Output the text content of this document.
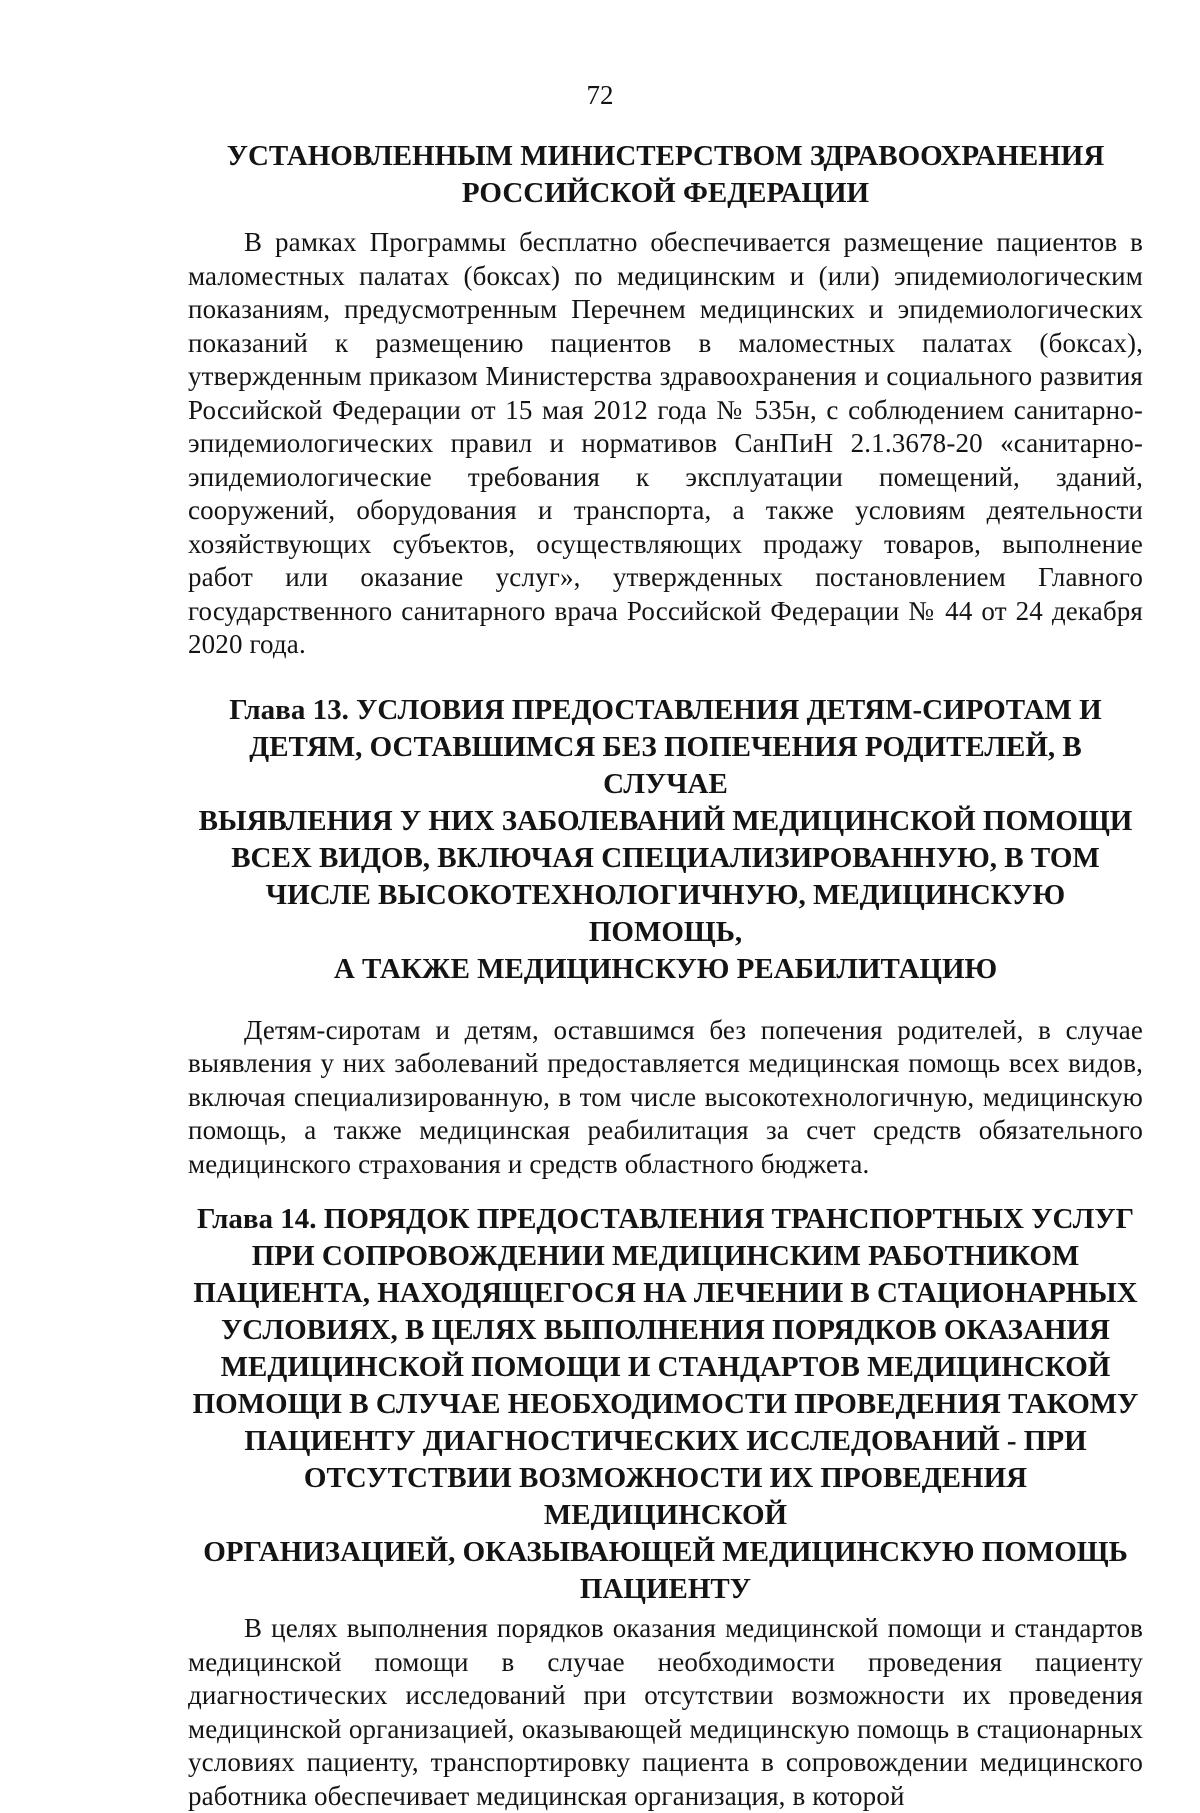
72
УСТАНОВЛЕННЫМ МИНИСТЕРСТВОМ ЗДРАВООХРАНЕНИЯ
РОССИЙСКОЙ ФЕДЕРАЦИИ

В рамках Программы бесплатно обеспечивается размещение пациентов в маломестных палатах (боксах) по медицинским и (или) эпидемиологическим показаниям, предусмотренным Перечнем медицинских и эпидемиологических показаний к размещению пациентов в маломестных палатах (боксах), утвержденным приказом Министерства здравоохранения и социального развития Российской Федерации от 15 мая 2012 года № 535н, с соблюдением санитарно-эпидемиологических правил и нормативов СанПиН 2.1.3678-20 «санитарно-эпидемиологические требования к эксплуатации помещений, зданий, сооружений, оборудования и транспорта, а также условиям деятельности хозяйствующих субъектов, осуществляющих продажу товаров, выполнение работ или оказание услуг», утвержденных постановлением Главного государственного санитарного врача Российской Федерации № 44 от 24 декабря 2020 года.

Глава 13. УСЛОВИЯ ПРЕДОСТАВЛЕНИЯ ДЕТЯМ-СИРОТАМ И
ДЕТЯМ, ОСТАВШИМСЯ БЕЗ ПОПЕЧЕНИЯ РОДИТЕЛЕЙ, В СЛУЧАЕ
ВЫЯВЛЕНИЯ У НИХ ЗАБОЛЕВАНИЙ МЕДИЦИНСКОЙ ПОМОЩИ
ВСЕХ ВИДОВ, ВКЛЮЧАЯ СПЕЦИАЛИЗИРОВАННУЮ, В ТОМ
ЧИСЛЕ ВЫСОКОТЕХНОЛОГИЧНУЮ, МЕДИЦИНСКУЮ ПОМОЩЬ,
А ТАКЖЕ МЕДИЦИНСКУЮ РЕАБИЛИТАЦИЮ

Детям-сиротам и детям, оставшимся без попечения родителей, в случае выявления у них заболеваний предоставляется медицинская помощь всех видов, включая специализированную, в том числе высокотехнологичную, медицинскую помощь, а также медицинская реабилитация за счет средств обязательного медицинского страхования и средств областного бюджета.

Глава 14. ПОРЯДОК ПРЕДОСТАВЛЕНИЯ ТРАНСПОРТНЫХ УСЛУГ
ПРИ СОПРОВОЖДЕНИИ МЕДИЦИНСКИМ РАБОТНИКОМ
ПАЦИЕНТА, НАХОДЯЩЕГОСЯ НА ЛЕЧЕНИИ В СТАЦИОНАРНЫХ
УСЛОВИЯХ, В ЦЕЛЯХ ВЫПОЛНЕНИЯ ПОРЯДКОВ ОКАЗАНИЯ
МЕДИЦИНСКОЙ ПОМОЩИ И СТАНДАРТОВ МЕДИЦИНСКОЙ
ПОМОЩИ В СЛУЧАЕ НЕОБХОДИМОСТИ ПРОВЕДЕНИЯ ТАКОМУ
ПАЦИЕНТУ ДИАГНОСТИЧЕСКИХ ИССЛЕДОВАНИЙ - ПРИ
ОТСУТСТВИИ ВОЗМОЖНОСТИ ИХ ПРОВЕДЕНИЯ МЕДИЦИНСКОЙ
ОРГАНИЗАЦИЕЙ, ОКАЗЫВАЮЩЕЙ МЕДИЦИНСКУЮ ПОМОЩЬ
ПАЦИЕНТУ

В целях выполнения порядков оказания медицинской помощи и стандартов медицинской помощи в случае необходимости проведения пациенту диагностических исследований при отсутствии возможности их проведения медицинской организацией, оказывающей медицинскую помощь в стационарных условиях пациенту, транспортировку пациента в сопровождении медицинского работника обеспечивает медицинская организация, в которой
